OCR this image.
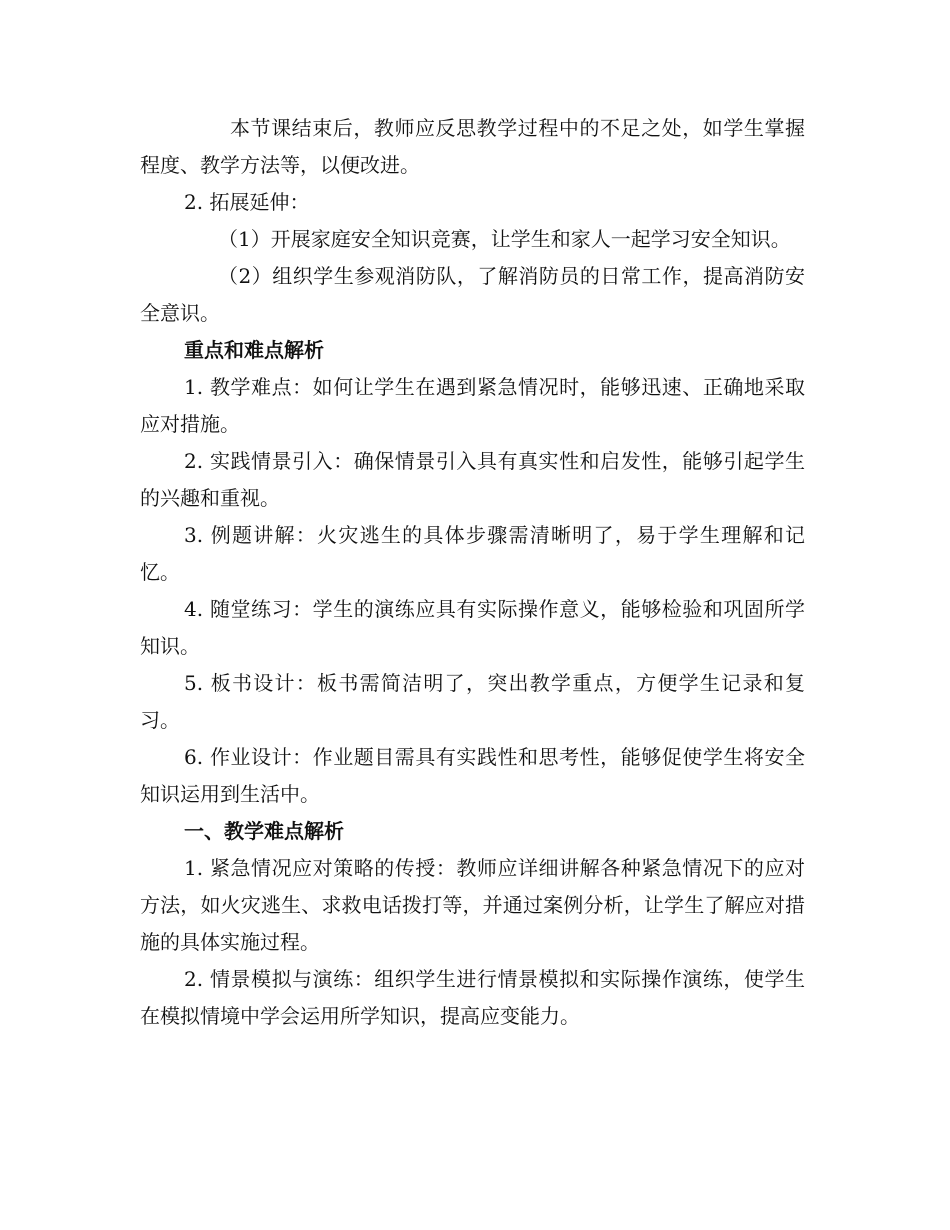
本节课结束后，教师应反思教学过程中的不足之处，如学生掌握程度、教学方法等，以便改进。

2. 拓展延伸：

（1）开展家庭安全知识竞赛，让学生和家人一起学习安全知识。

（2）组织学生参观消防队，了解消防员的日常工作，提高消防安全意识。

重点和难点解析

1. 教学难点：如何让学生在遇到紧急情况时，能够迅速、正确地采取应对措施。

2. 实践情景引入：确保情景引入具有真实性和启发性，能够引起学生的兴趣和重视。

3. 例题讲解：火灾逃生的具体步骤需清晰明了，易于学生理解和记忆。

4. 随堂练习：学生的演练应具有实际操作意义，能够检验和巩固所学知识。

5. 板书设计：板书需简洁明了，突出教学重点，方便学生记录和复习。

6. 作业设计：作业题目需具有实践性和思考性，能够促使学生将安全知识运用到生活中。

一、教学难点解析

1. 紧急情况应对策略的传授：教师应详细讲解各种紧急情况下的应对方法，如火灾逃生、求救电话拨打等，并通过案例分析，让学生了解应对措施的具体实施过程。

2. 情景模拟与演练：组织学生进行情景模拟和实际操作演练，使学生在模拟情境中学会运用所学知识，提高应变能力。
